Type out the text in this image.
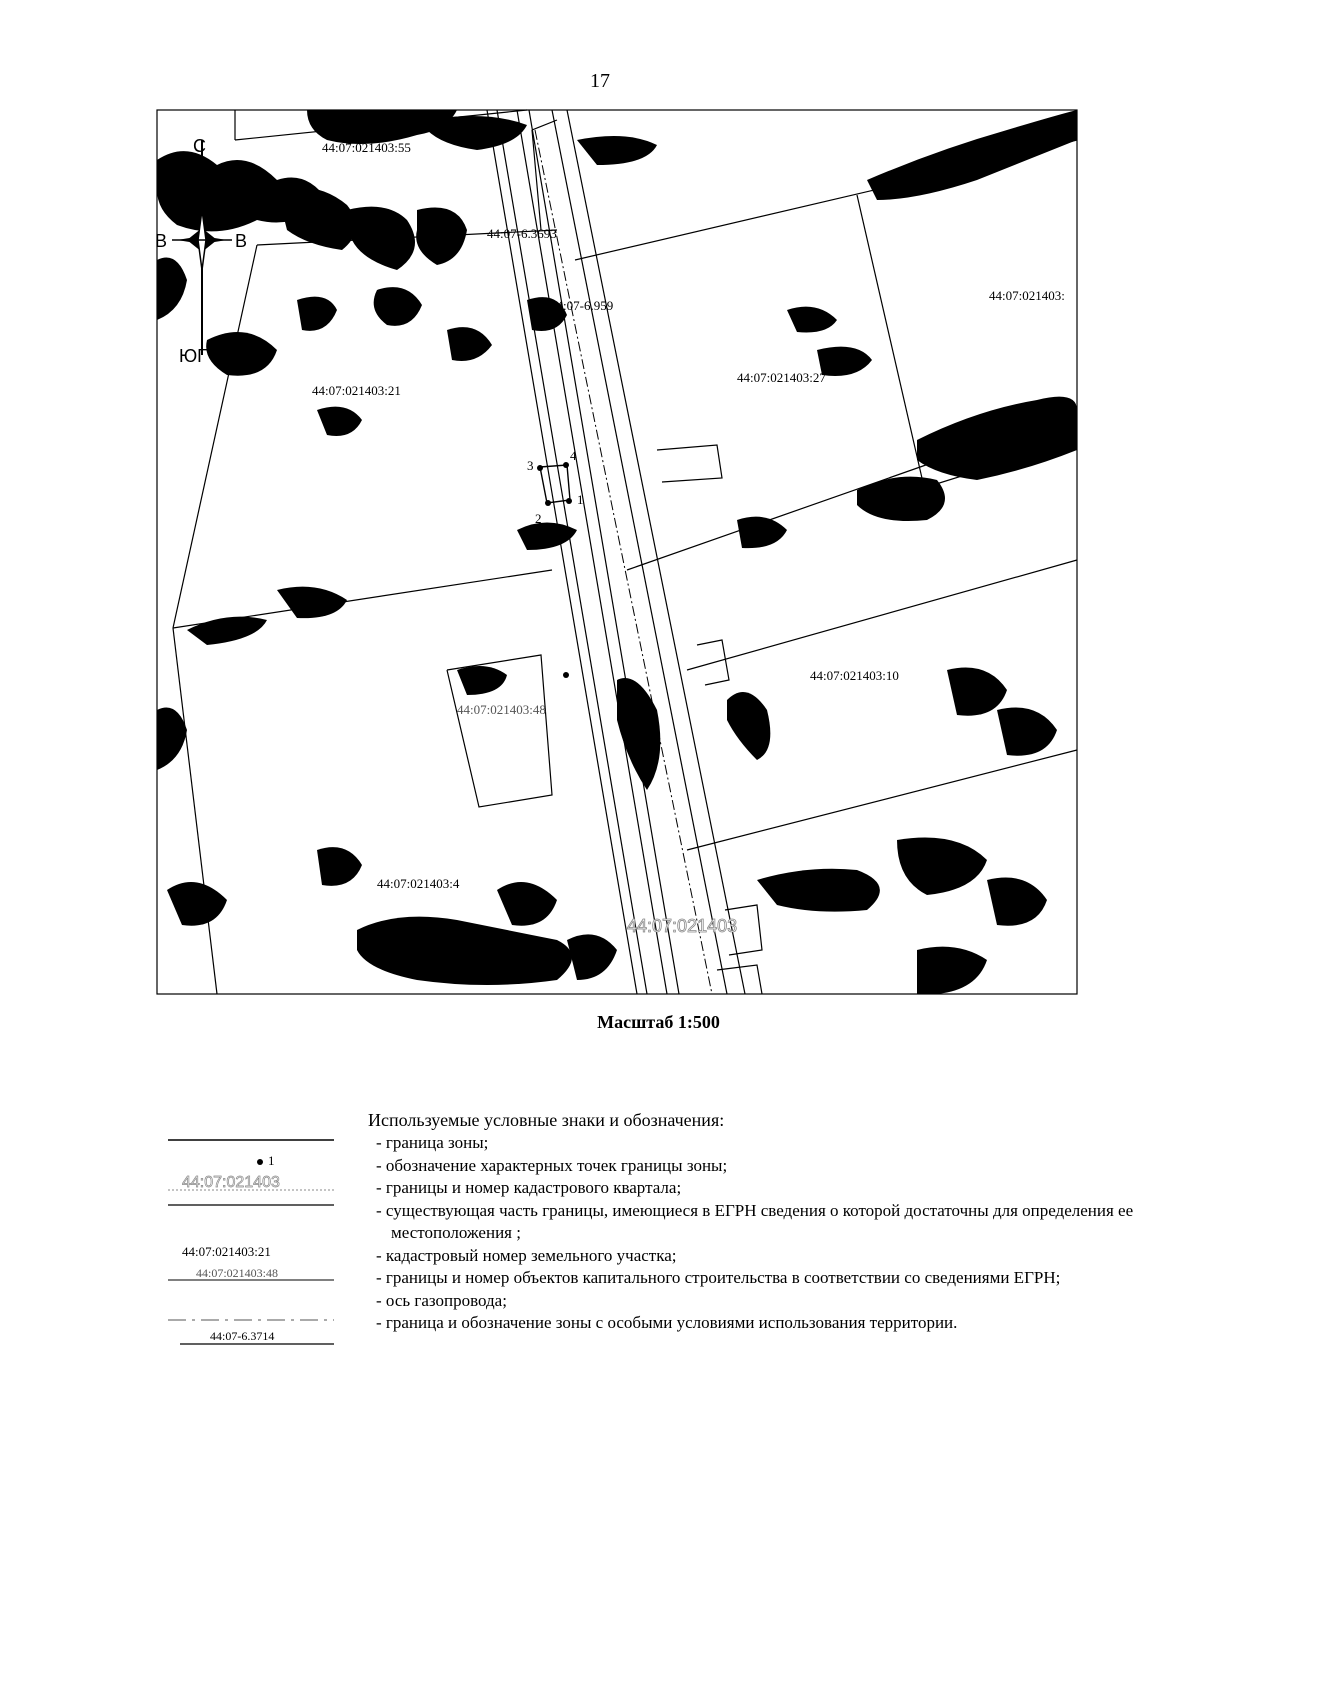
17
1
2
3
4
С
ЮГ
В
В
44:07:021403:55
44:07-6.3693
44:07-6.959
44:07:021403:
44:07:021403:27
44:07:021403:21
44:07:021403:10
44:07:021403:4
44:07:021403:48
44:07:021403
Масштаб 1:500
Используемые условные знаки и обозначения:
1
44:07:021403
44:07:021403:21
44:07:021403:48
44:07-6.3714
- граница зоны;
- обозначение характерных точек границы зоны;
- границы и номер кадастрового квартала;
- существующая часть границы, имеющиеся в ЕГРН сведения о которой достаточны для определения ее местоположения ;
- кадастровый номер земельного участка;
- границы и номер объектов капитального строительства в соответствии со сведениями ЕГРН;
- ось газопровода;
- граница и обозначение зоны с особыми условиями использования территории.
